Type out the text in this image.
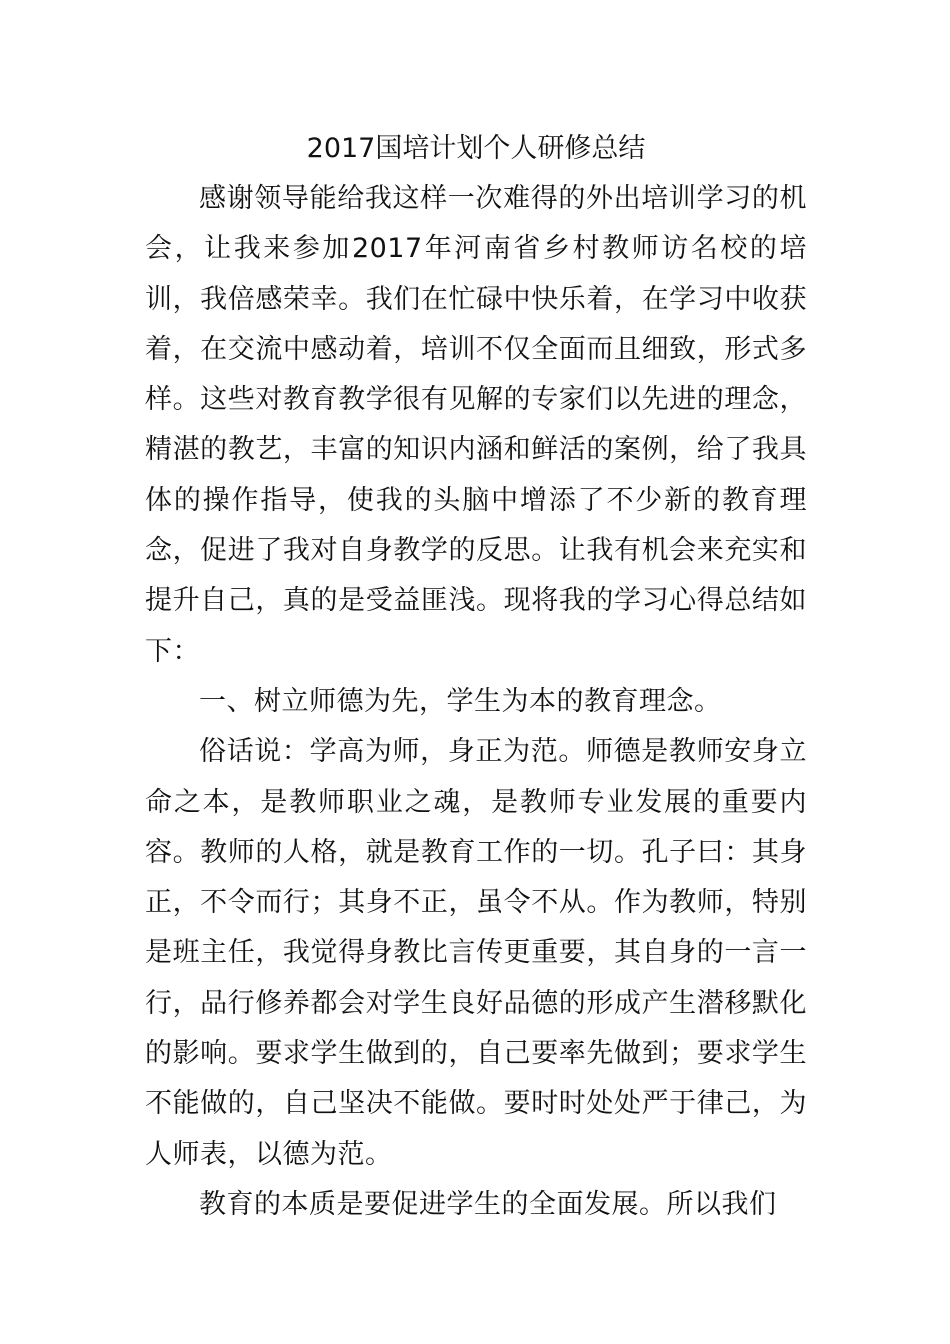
2017国培计划个人研修总结

感谢领导能给我这样一次难得的外出培训学习的机会，让我来参加2017年河南省乡村教师访名校的培训，我倍感荣幸。我们在忙碌中快乐着，在学习中收获着，在交流中感动着，培训不仅全面而且细致，形式多样。这些对教育教学很有见解的专家们以先进的理念，精湛的教艺，丰富的知识内涵和鲜活的案例，给了我具体的操作指导，使我的头脑中增添了不少新的教育理念，促进了我对自身教学的反思。让我有机会来充实和提升自己，真的是受益匪浅。现将我的学习心得总结如下：

一、树立师德为先，学生为本的教育理念。

俗话说：学高为师，身正为范。师德是教师安身立命之本，是教师职业之魂，是教师专业发展的重要内容。教师的人格，就是教育工作的一切。孔子曰：其身正，不令而行；其身不正，虽令不从。作为教师，特别是班主任，我觉得身教比言传更重要，其自身的一言一行，品行修养都会对学生良好品德的形成产生潜移默化的影响。要求学生做到的，自己要率先做到；要求学生不能做的，自己坚决不能做。要时时处处严于律己，为人师表，以德为范。

教育的本质是要促进学生的全面发展。所以我们
